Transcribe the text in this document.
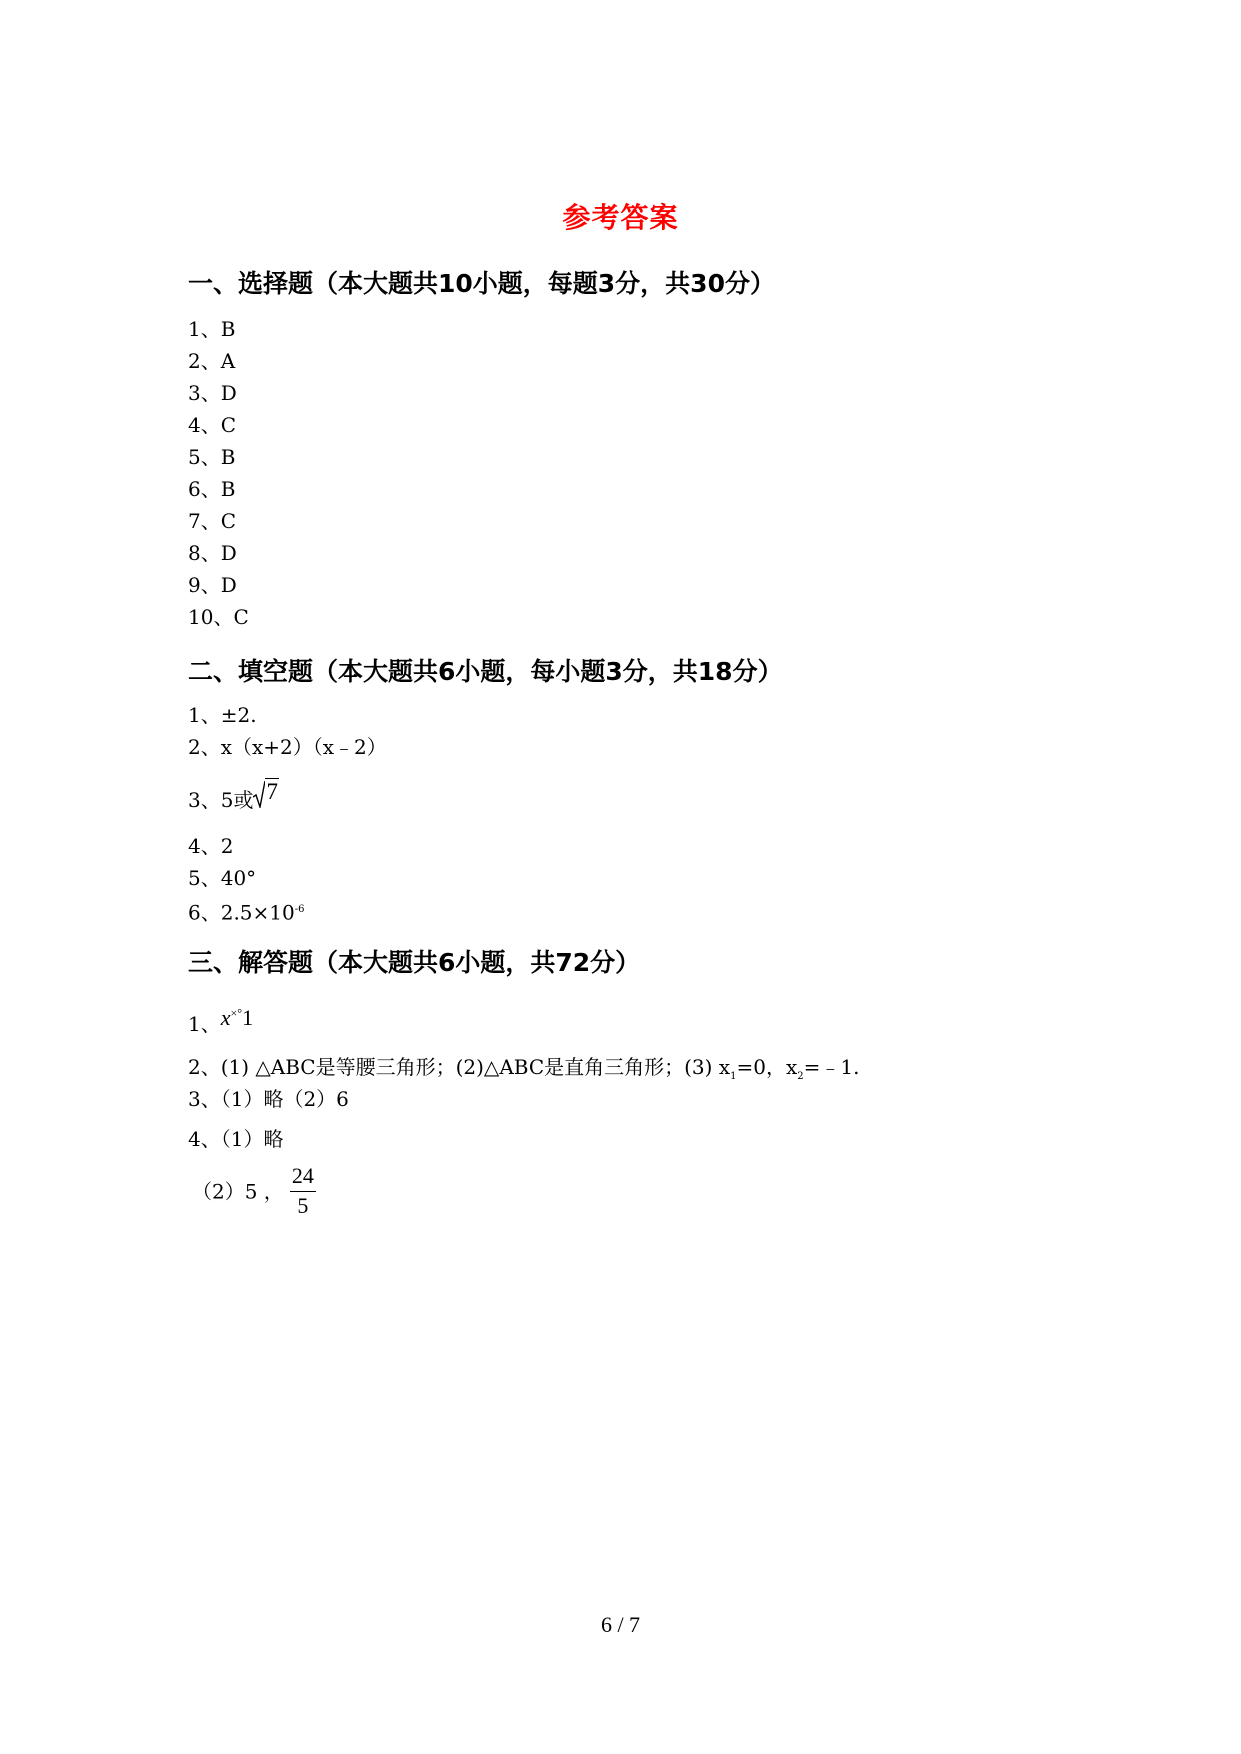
参考答案
一、选择题（本大题共10小题，每题3分，共30分）
1、B
2、A
3、D
4、C
5、B
6、B
7、C
8、D
9、D
10、C
二、填空题（本大题共6小题，每小题3分，共18分）
1、±2.
2、x（x+2）（x﹣2）
3、5或 7
4、2
5、40°
6、$2.5\times 10^{-6}$
三、解答题（本大题共6小题，共72分）
1、x×°1
2、(1) △ABC是等腰三角形；(2)△ABC是直角三角形；(3) $x_1=0$，$x_2=﹣1$.
3、（1）略（2）6
4、（1）略
（2）5 ， $\frac{24}{5}$
6 / 7
